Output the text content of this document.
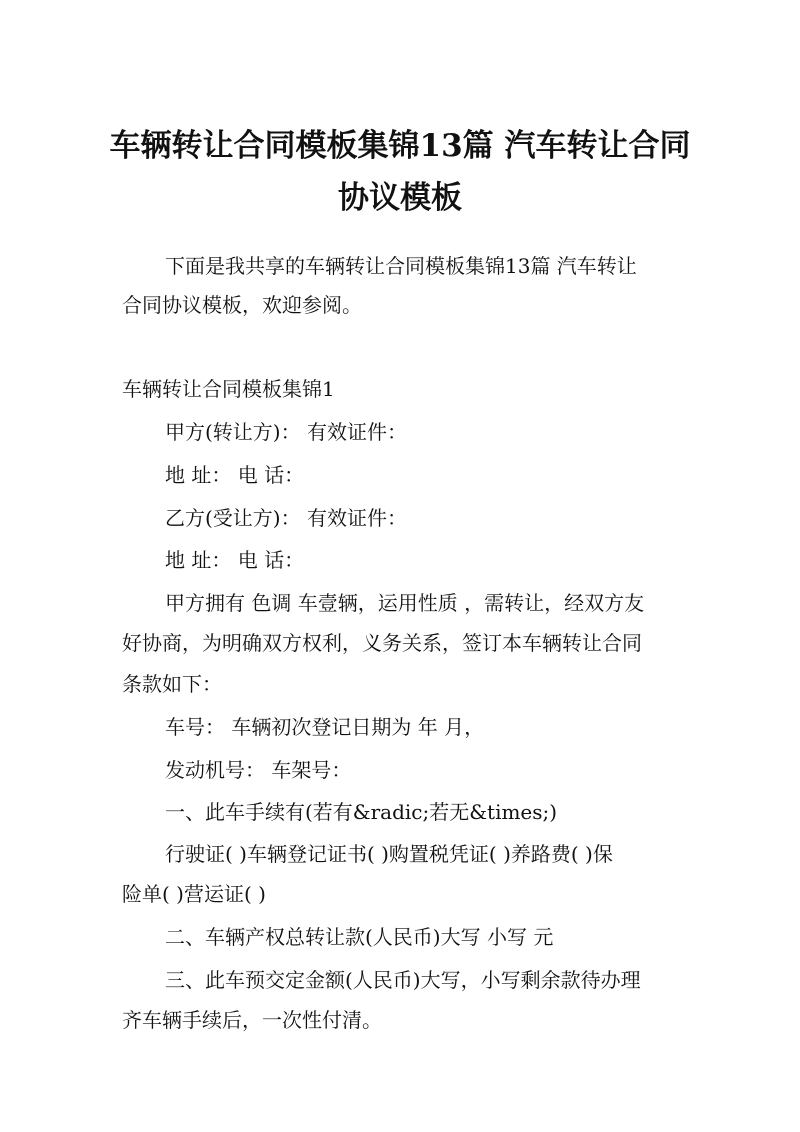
车辆转让合同模板集锦13篇 汽车转让合同
协议模板
下面是我共享的车辆转让合同模板集锦13篇 汽车转让
合同协议模板，欢迎参阅。
车辆转让合同模板集锦1
甲方(转让方)： 有效证件：
地 址： 电 话：
乙方(受让方)： 有效证件：
地 址： 电 话：
甲方拥有 色调 车壹辆，运用性质 ，需转让，经双方友
好协商，为明确双方权利，义务关系，签订本车辆转让合同
条款如下：
车号： 车辆初次登记日期为 年 月，
发动机号： 车架号：
一、此车手续有(若有&radic;若无&times;)
行驶证( )车辆登记证书( )购置税凭证( )养路费( )保
险单( )营运证( )
二、车辆产权总转让款(人民币)大写 小写 元
三、此车预交定金额(人民币)大写，小写剩余款待办理
齐车辆手续后，一次性付清。
